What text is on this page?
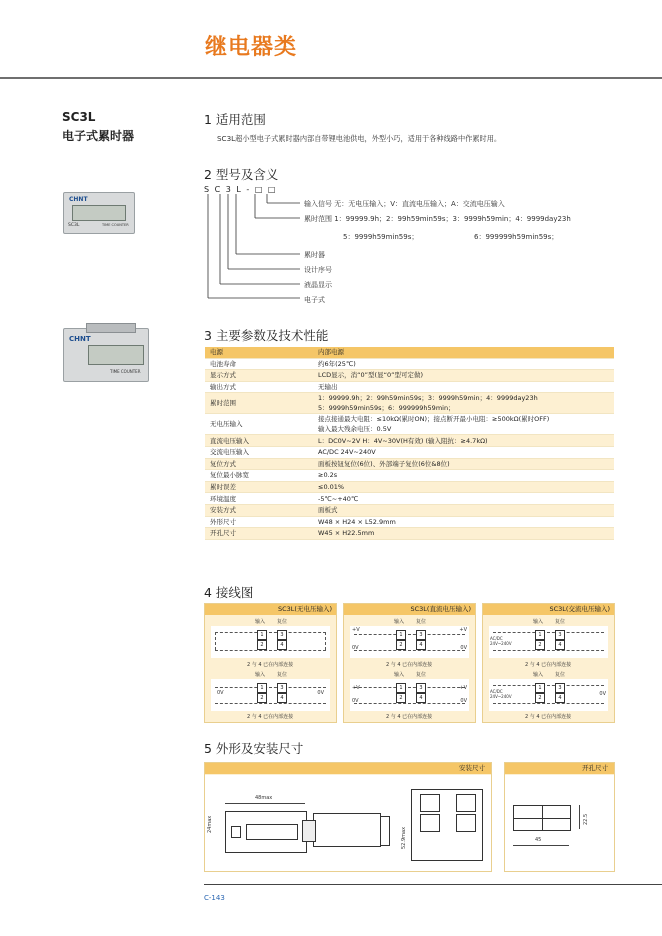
继电器类
SC3L
电子式累时器
CHNT
SC3L	TIME COUNTER
CHNT
TIME COUNTER
1 适用范围
SC3L超小型电子式累时器内部自带锂电池供电，外型小巧，适用于各种线路中作累时用。
2 型号及含义
S C 3 L - □ □
输入信号 无：无电压输入；V：直流电压输入；A：交流电压输入
累时范围 1：99999.9h；2：99h59min59s；3：9999h59min；4：9999day23h
5：9999h59min59s；	6：999999h59min59s；
累时器
设计序号
液晶显示
电子式
3 主要参数及技术性能
电源	内部电源
电池寿命	约6年(25℃)
显示方式	LCD显示，消“0”型(显“0”型可定做)
输出方式	无输出
累时范围	1：99999.9h；2：99h59min59s；3：9999h59min；4：9999day23h
5：9999h59min59s；6：999999h59min；

无电压输入	接点接通最大电阻：≤10kΩ(累时ON)；接点断开最小电阻：≥500kΩ(累时OFF)
输入最大残余电压：0.5V

直流电压输入	L：DC0V~2V H：4V~30V(H有效) (输入阻抗：≥4.7kΩ)
交流电压输入	AC/DC 24V~240V
复位方式	面板按钮复位(6位)、外部端子复位(6位&8位)
复位最小脉宽	≥0.2s
累时误差	≤0.01%
环境温度	-5℃~+40℃
安装方式	面板式
外形尺寸	W48 × H24 × L52.9mm
开孔尺寸	W45 × H22.5mm
4 接线图
SC3L(无电压输入)
输入 复位
1
2
3
4
2 与 4 已在内部连接
输入 复位
0V	0V
1
2
3
4
2 与 4 已在内部连接
SC3L(直流电压输入)
输入 复位
+V	+V
0V	0V
1
2
3
4
2 与 4 已在内部连接
输入 复位
+V	+V
0V	0V
1
2
3
4
2 与 4 已在内部连接
SC3L(交流电压输入)
输入 复位
AC/DC 24V~240V
1
2
3
4
2 与 4 已在内部连接
输入 复位
AC/DC 24V~240V	0V
1
2
3
4
2 与 4 已在内部连接
5 外形及安装尺寸
安装尺寸
48max
24max
52.9max
开孔尺寸
45
22.5
C-143
